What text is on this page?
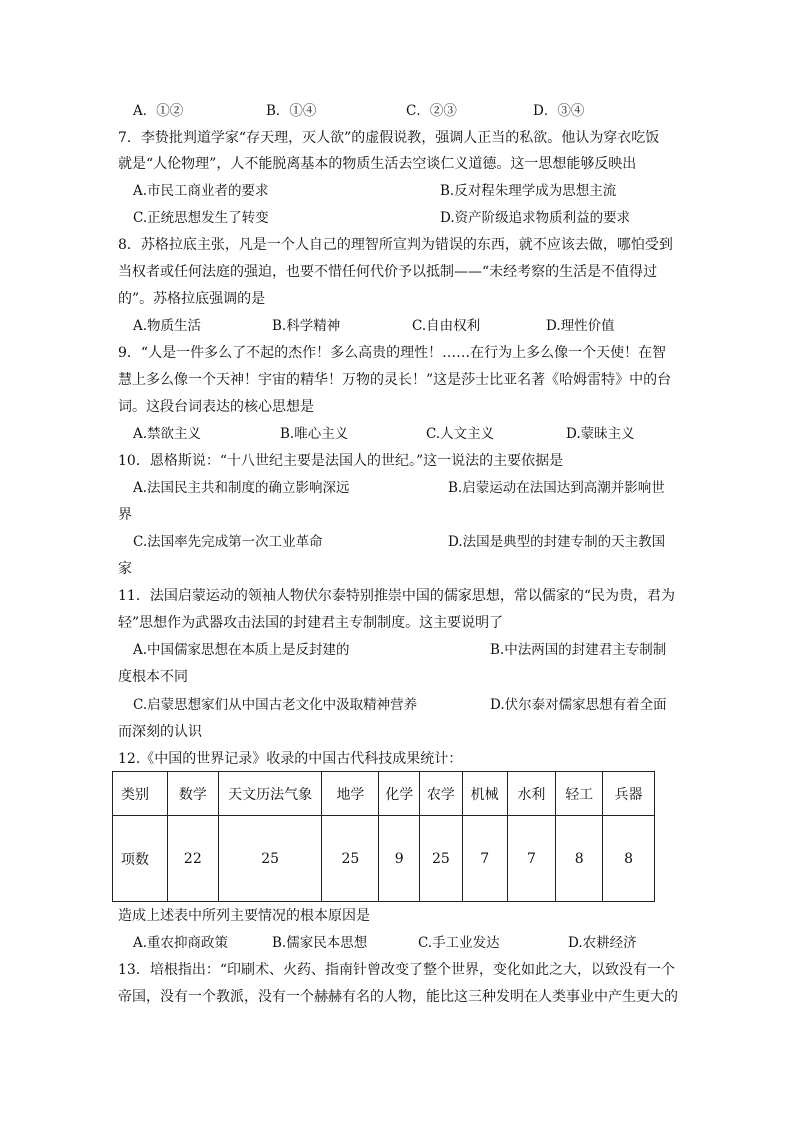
A．①②	B．①④	C．②③	D．③④
7．李贽批判道学家“存天理，灭人欲”的虚假说教，强调人正当的私欲。他认为穿衣吃饭
就是“人伦物理”，人不能脱离基本的物质生活去空谈仁义道德。这一思想能够反映出
A.市民工商业者的要求	B.反对程朱理学成为思想主流
C.正统思想发生了转变	D.资产阶级追求物质利益的要求
8．苏格拉底主张，凡是一个人自己的理智所宣判为错误的东西，就不应该去做，哪怕受到
当权者或任何法庭的强迫，也要不惜任何代价予以抵制——“未经考察的生活是不值得过
的”。苏格拉底强调的是
A.物质生活	B.科学精神	C.自由权利	D.理性价值
9．“人是一件多么了不起的杰作！多么高贵的理性！……在行为上多么像一个天使！在智
慧上多么像一个天神！宇宙的精华！万物的灵长！”这是莎士比亚名著《哈姆雷特》中的台
词。这段台词表达的核心思想是
A.禁欲主义	B.唯心主义	C.人文主义	D.蒙昧主义
10．恩格斯说：“十八世纪主要是法国人的世纪。”这一说法的主要依据是
A.法国民主共和制度的确立影响深远	B.启蒙运动在法国达到高潮并影响世
界
C.法国率先完成第一次工业革命	D.法国是典型的封建专制的天主教国
家
11．法国启蒙运动的领袖人物伏尔泰特别推崇中国的儒家思想，常以儒家的“民为贵，君为
轻”思想作为武器攻击法国的封建君主专制制度。这主要说明了
A.中国儒家思想在本质上是反封建的	B.中法两国的封建君主专制制
度根本不同
C.启蒙思想家们从中国古老文化中汲取精神营养	D.伏尔泰对儒家思想有着全面
而深刻的认识
12.《中国的世界记录》收录的中国古代科技成果统计：
类别	数学	天文历法气象	地学	化学	农学	机械	水利	轻工	兵器
项数	22	25	25	9	25	7	7	8	8
造成上述表中所列主要情况的根本原因是
A.重农抑商政策	B.儒家民本思想	C.手工业发达	D.农耕经济
13．培根指出：“印刷术、火药、指南针曾改变了整个世界，变化如此之大，以致没有一个
帝国，没有一个教派，没有一个赫赫有名的人物，能比这三种发明在人类事业中产生更大的
